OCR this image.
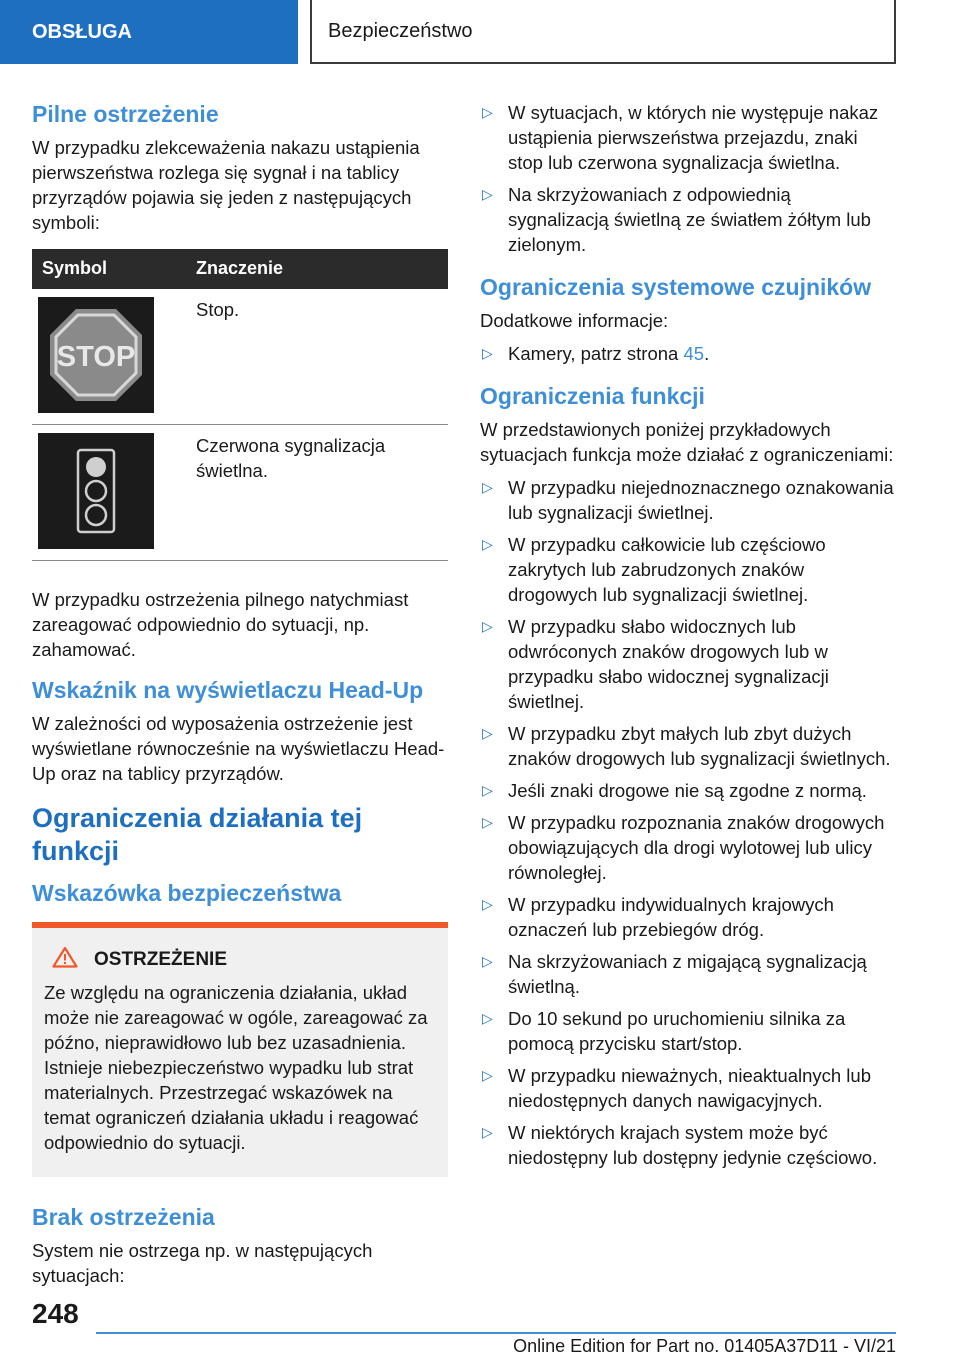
OBSŁUGA	Bezpieczeństwo
Pilne ostrzeżenie

W przypadku zlekceważenia nakazu ustąpienia pierwszeństwa rozlega się sygnał i na tablicy przyrządów pojawia się jeden z następujących symboli:

Symbol	Znaczenie
STOP
Stop.
Czerwona sygnalizacja świetlna.

W przypadku ostrzeżenia pilnego natychmiast zareagować odpowiednio do sytuacji, np. zahamować.

Wskaźnik na wyświetlaczu Head-Up

W zależności od wyposażenia ostrzeżenie jest wyświetlane równocześnie na wyświetlaczu Head-Up oraz na tablicy przyrządów.

Ograniczenia działania tej funkcji
Wskazówka bezpieczeństwa
OSTRZEŻENIE

Ze względu na ograniczenia działania, układ może nie zareagować w ogóle, zareagować za późno, nieprawidłowo lub bez uzasadnienia. Istnieje niebezpieczeństwo wypadku lub strat materialnych. Przestrzegać wskazówek na temat ograniczeń działania układu i reagować odpowiednio do sytuacji.

Brak ostrzeżenia

System nie ostrzega np. w następujących sytuacjach:

▷ W sytuacjach, w których nie występuje nakaz ustąpienia pierwszeństwa przejazdu, znaki stop lub czerwona sygnalizacja świetlna.
▷ Na skrzyżowaniach z odpowiednią sygnalizacją świetlną ze światłem żółtym lub zielonym.
Ograniczenia systemowe czujników

Dodatkowe informacje:

▷ Kamery, patrz strona 45.
Ograniczenia funkcji

W przedstawionych poniżej przykładowych sytuacjach funkcja może działać z ograniczeniami:

▷ W przypadku niejednoznacznego oznakowania lub sygnalizacji świetlnej.
▷ W przypadku całkowicie lub częściowo zakrytych lub zabrudzonych znaków drogowych lub sygnalizacji świetlnej.
▷ W przypadku słabo widocznych lub odwróconych znaków drogowych lub w przypadku słabo widocznej sygnalizacji świetlnej.
▷ W przypadku zbyt małych lub zbyt dużych znaków drogowych lub sygnalizacji świetlnych.
▷ Jeśli znaki drogowe nie są zgodne z normą.
▷ W przypadku rozpoznania znaków drogowych obowiązujących dla drogi wylotowej lub ulicy równoległej.
▷ W przypadku indywidualnych krajowych oznaczeń lub przebiegów dróg.
▷ Na skrzyżowaniach z migającą sygnalizacją świetlną.
▷ Do 10 sekund po uruchomieniu silnika za pomocą przycisku start/stop.
▷ W przypadku nieważnych, nieaktualnych lub niedostępnych danych nawigacyjnych.
▷ W niektórych krajach system może być niedostępny lub dostępny jedynie częściowo.
248
Online Edition for Part no. 01405A37D11 - VI/21
